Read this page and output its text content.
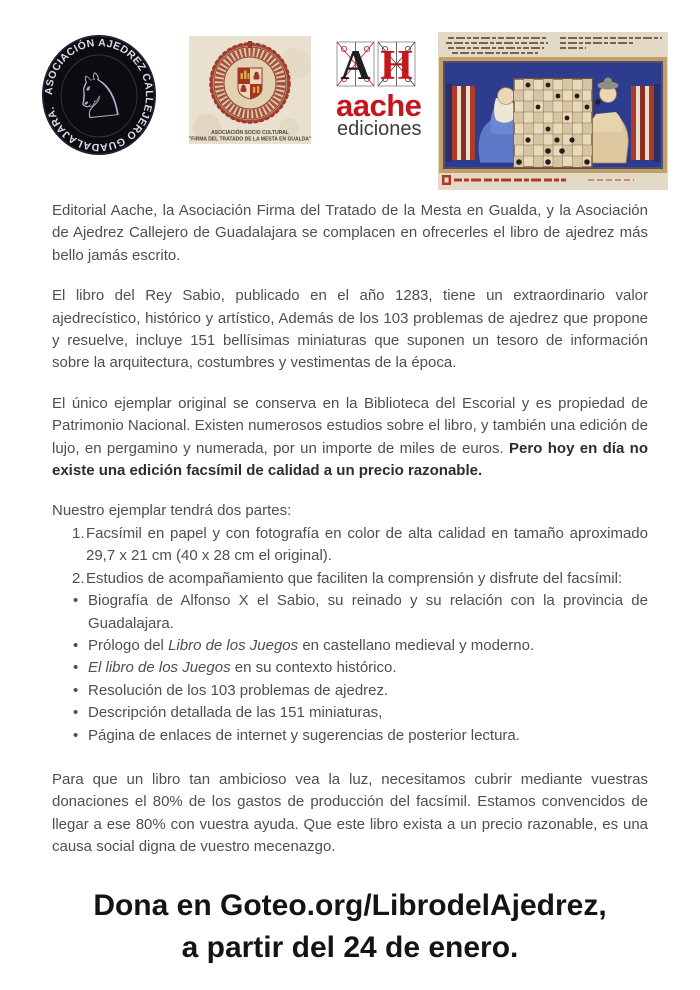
ASOCIACIÓN AJEDREZ CALLEJERO GUADALAJARA. ♘	ASOCIACIÓN SOCIO CULTURAL
"FIRMA DEL TRATADO DE LA MESTA EN GUALDA"
A H
aache
ediciones

Editorial Aache, la Asociación Firma del Tratado de la Mesta en Gualda, y la Asociación de Ajedrez Callejero de Guadalajara se complacen en ofrecerles el libro de ajedrez más bello jamás escrito.

El libro del Rey Sabio, publicado en el año 1283, tiene un extraordinario valor ajedrecístico, histórico y artístico, Además de los 103 problemas de ajedrez que propone y resuelve, incluye 151 bellísimas miniaturas que suponen un tesoro de información sobre la arquitectura, costumbres y vestimentas de la época.

El único ejemplar original se conserva en la Biblioteca del Escorial y es propiedad de Patrimonio Nacional. Existen numerosos estudios sobre el libro, y también una edición de lujo, en pergamino y numerada, por un importe de miles de euros. Pero hoy en día no existe una edición facsímil de calidad a un precio razonable.

Nuestro ejemplar tendrá dos partes:

1. Facsímil en papel y con fotografía en color de alta calidad en tamaño aproximado 29,7 x 21 cm (40 x 28 cm el original).
2. Estudios de acompañamiento que faciliten la comprensión y disfrute del facsímil:
• Biografía de Alfonso X el Sabio, su reinado y su relación con la provincia de Guadalajara.
• Prólogo del Libro de los Juegos en castellano medieval y moderno.
• El libro de los Juegos en su contexto histórico.
• Resolución de los 103 problemas de ajedrez.
• Descripción detallada de las 151 miniaturas,
• Página de enlaces de internet y sugerencias de posterior lectura.

Para que un libro tan ambicioso vea la luz, necesitamos cubrir mediante vuestras donaciones el 80% de los gastos de producción del facsímil. Estamos convencidos de llegar a ese 80% con vuestra ayuda. Que este libro exista a un precio razonable, es una causa social digna de vuestro mecenazgo.

Dona en Goteo.org/LibrodelAjedrez,
a partir del 24 de enero.
